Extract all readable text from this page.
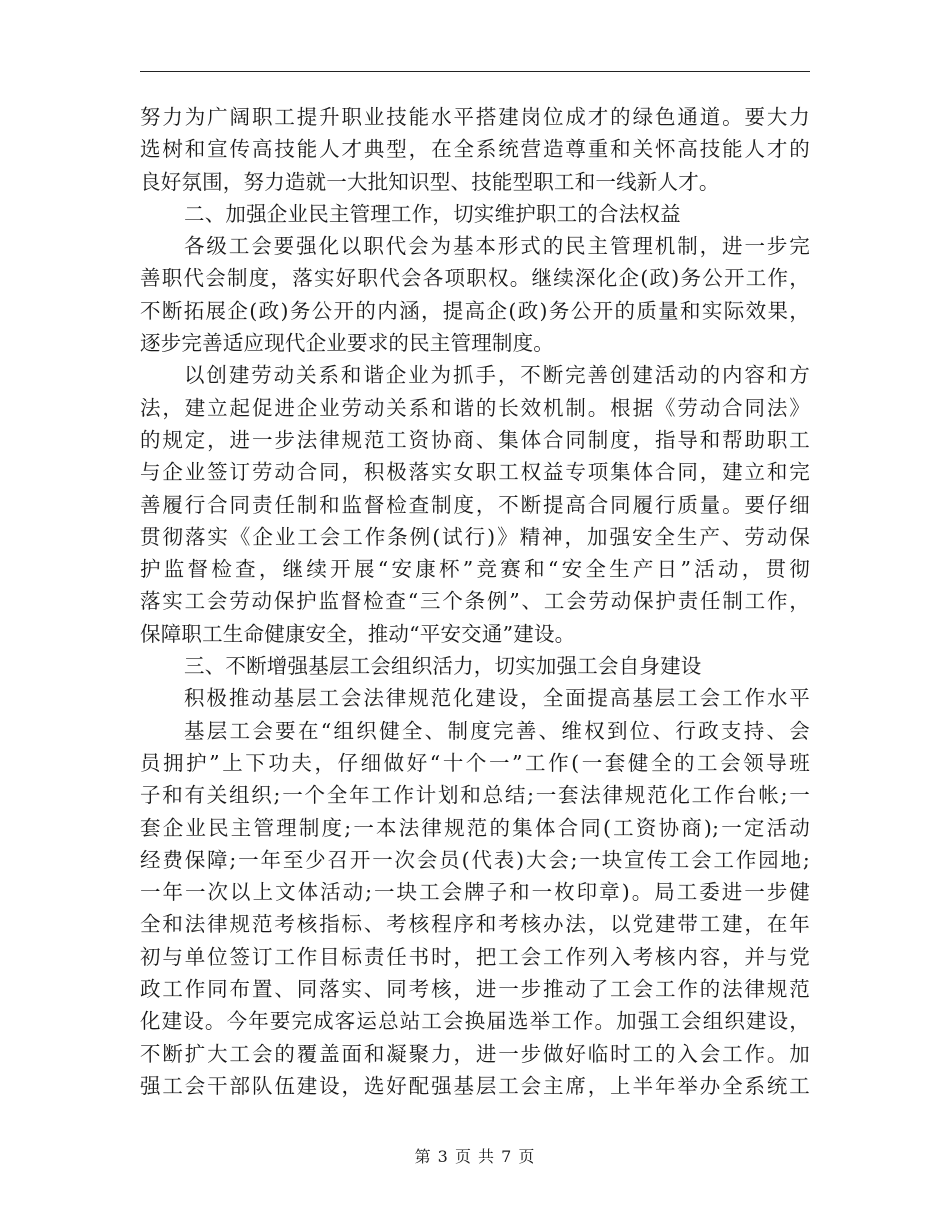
努力为广阔职工提升职业技能水平搭建岗位成才的绿色通道。要大力
选树和宣传高技能人才典型，在全系统营造尊重和关怀高技能人才的
良好氛围，努力造就一大批知识型、技能型职工和一线新人才。
二、加强企业民主管理工作，切实维护职工的合法权益
各级工会要强化以职代会为基本形式的民主管理机制，进一步完
善职代会制度，落实好职代会各项职权。继续深化企(政)务公开工作，
不断拓展企(政)务公开的内涵，提高企(政)务公开的质量和实际效果，
逐步完善适应现代企业要求的民主管理制度。
以创建劳动关系和谐企业为抓手，不断完善创建活动的内容和方
法，建立起促进企业劳动关系和谐的长效机制。根据《劳动合同法》
的规定，进一步法律规范工资协商、集体合同制度，指导和帮助职工
与企业签订劳动合同，积极落实女职工权益专项集体合同，建立和完
善履行合同责任制和监督检查制度，不断提高合同履行质量。要仔细
贯彻落实《企业工会工作条例(试行)》精神，加强安全生产、劳动保
护监督检查，继续开展“安康杯”竞赛和“安全生产日”活动，贯彻
落实工会劳动保护监督检查“三个条例”、工会劳动保护责任制工作，
保障职工生命健康安全，推动“平安交通”建设。
三、不断增强基层工会组织活力，切实加强工会自身建设
积极推动基层工会法律规范化建设，全面提高基层工会工作水平
基层工会要在“组织健全、制度完善、维权到位、行政支持、会
员拥护”上下功夫，仔细做好“十个一”工作(一套健全的工会领导班
子和有关组织;一个全年工作计划和总结;一套法律规范化工作台帐;一
套企业民主管理制度;一本法律规范的集体合同(工资协商);一定活动
经费保障;一年至少召开一次会员(代表)大会;一块宣传工会工作园地;
一年一次以上文体活动;一块工会牌子和一枚印章)。局工委进一步健
全和法律规范考核指标、考核程序和考核办法，以党建带工建，在年
初与单位签订工作目标责任书时，把工会工作列入考核内容，并与党
政工作同布置、同落实、同考核，进一步推动了工会工作的法律规范
化建设。今年要完成客运总站工会换届选举工作。加强工会组织建设，
不断扩大工会的覆盖面和凝聚力，进一步做好临时工的入会工作。加
强工会干部队伍建设，选好配强基层工会主席，上半年举办全系统工
第 3 页 共 7 页
